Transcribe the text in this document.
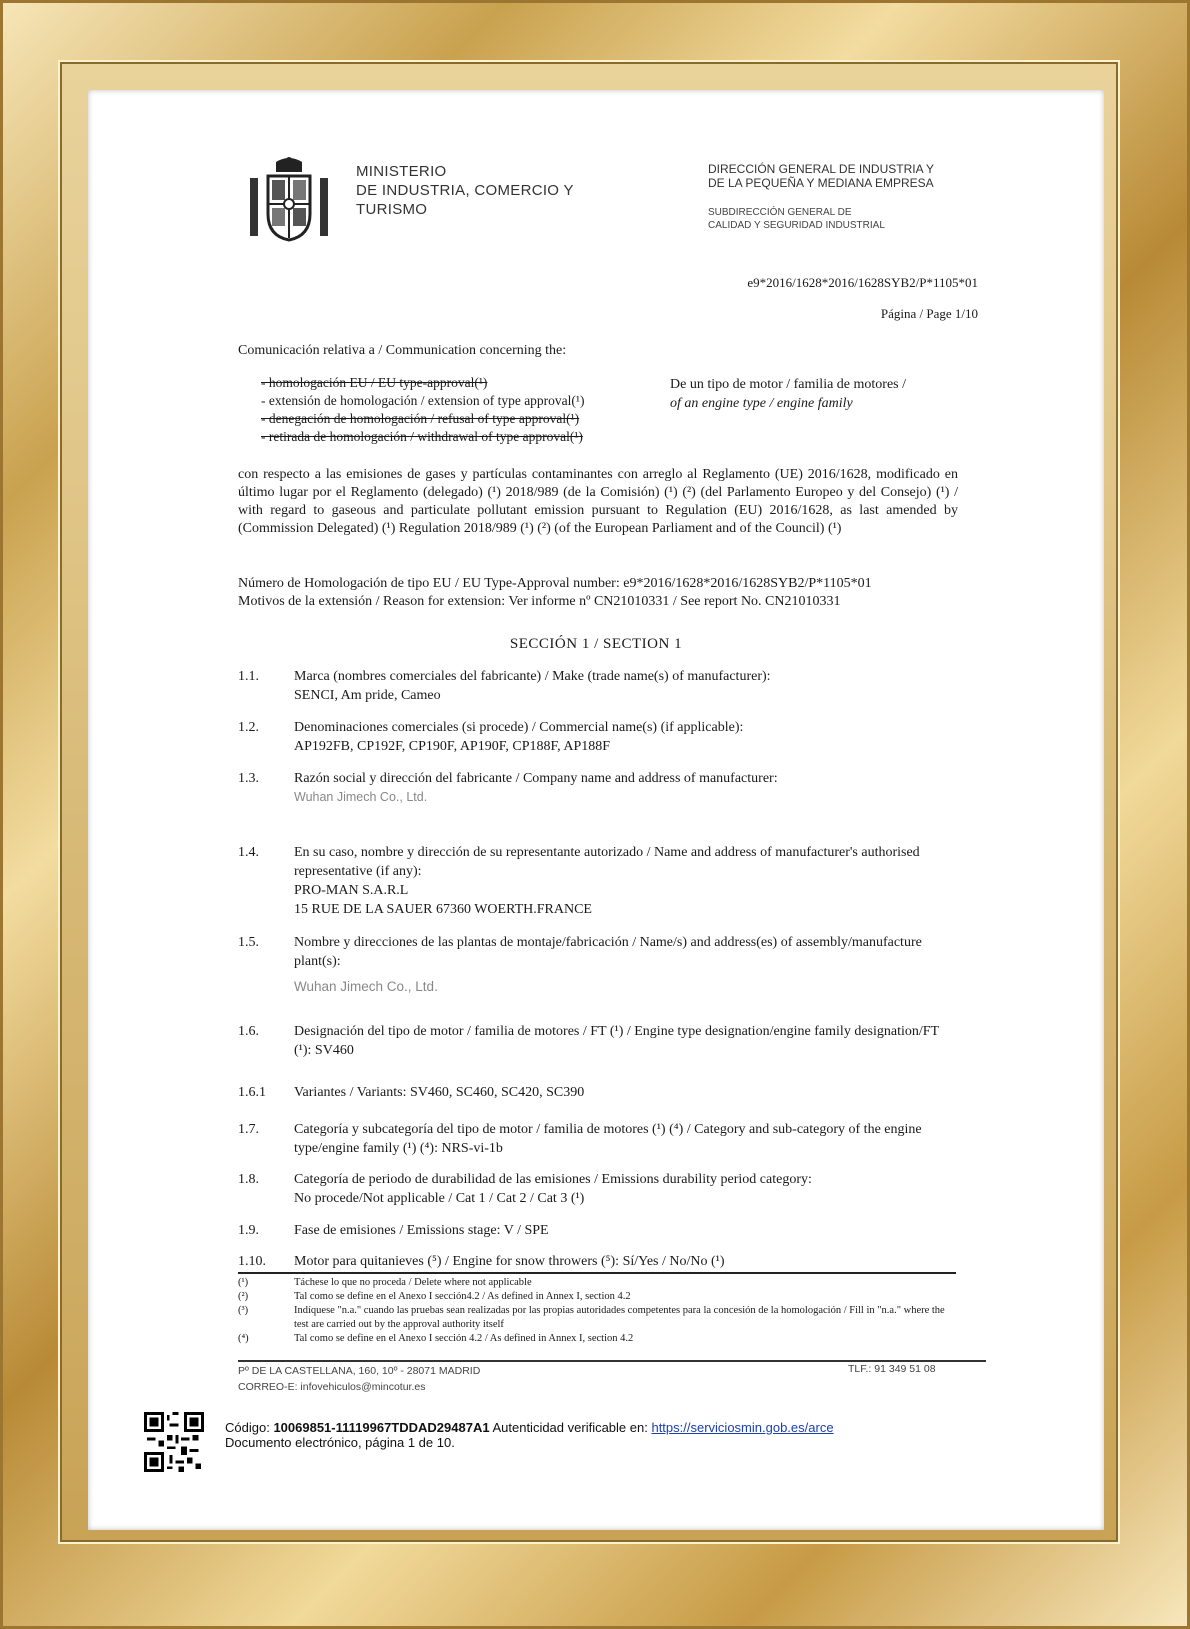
MINISTERIO
DE INDUSTRIA, COMERCIO Y
TURISMO
DIRECCIÓN GENERAL DE INDUSTRIA Y
DE LA PEQUEÑA Y MEDIANA EMPRESA
SUBDIRECCIÓN GENERAL DE
CALIDAD Y SEGURIDAD INDUSTRIAL
e9*2016/1628*2016/1628SYB2/P*1105*01
Página / Page 1/10
Comunicación relativa a / Communication concerning the:
- homologación EU / EU type-approval(¹)
- extensión de homologación / extension of type approval(¹)
- denegación de homologación / refusal of type approval(¹)
- retirada de homologación / withdrawal of type approval(¹)
De un tipo de motor / familia de motores /
of an engine type / engine family
con respecto a las emisiones de gases y partículas contaminantes con arreglo al Reglamento (UE) 2016/1628, modificado en último lugar por el Reglamento (delegado) (¹) 2018/989 (de la Comisión) (¹) (²) (del Parlamento Europeo y del Consejo) (¹) / with regard to gaseous and particulate pollutant emission pursuant to Regulation (EU) 2016/1628, as last amended by (Commission Delegated) (¹) Regulation 2018/989 (¹) (²) (of the European Parliament and of the Council) (¹)
Número de Homologación de tipo EU / EU Type-Approval number: e9*2016/1628*2016/1628SYB2/P*1105*01
Motivos de la extensión / Reason for extension: Ver informe nº CN21010331 / See report No. CN21010331
SECCIÓN 1 / SECTION 1
1.1.	Marca (nombres comerciales del fabricante) / Make (trade name(s) of manufacturer):
SENCI, Am pride, Cameo
1.2.	Denominaciones comerciales (si procede) / Commercial name(s) (if applicable):
AP192FB, CP192F, CP190F, AP190F, CP188F, AP188F
1.3.	Razón social y dirección del fabricante / Company name and address of manufacturer:
Wuhan Jimech Co., Ltd.
1.4.	En su caso, nombre y dirección de su representante autorizado / Name and address of manufacturer's authorised representative (if any):
PRO-MAN S.A.R.L
15 RUE DE LA SAUER 67360 WOERTH.FRANCE
1.5.	Nombre y direcciones de las plantas de montaje/fabricación / Name/s) and address(es) of assembly/manufacture plant(s):
Wuhan Jimech Co., Ltd.
1.6.	Designación del tipo de motor / familia de motores / FT (¹) / Engine type designation/engine family designation/FT (¹): SV460
1.6.1	Variantes / Variants: SV460, SC460, SC420, SC390
1.7.	Categoría y subcategoría del tipo de motor / familia de motores (¹) (⁴) / Category and sub-category of the engine type/engine family (¹) (⁴): NRS-vi-1b
1.8.	Categoría de periodo de durabilidad de las emisiones / Emissions durability period category:
No procede/Not applicable / Cat 1 / Cat 2 / Cat 3 (¹)
1.9.	Fase de emisiones / Emissions stage: V / SPE
1.10.	Motor para quitanieves (⁵) / Engine for snow throwers (⁵): Sí/Yes / No/No (¹)
(¹)	Táchese lo que no proceda / Delete where not applicable
(²)	Tal como se define en el Anexo I sección4.2 / As defined in Annex I, section 4.2
(³)	Indíquese "n.a." cuando las pruebas sean realizadas por las propias autoridades competentes para la concesión de la homologación / Fill in "n.a." where the test are carried out by the approval authority itself
(⁴)	Tal como se define en el Anexo I sección 4.2 / As defined in Annex I, section 4.2
Pº DE LA CASTELLANA, 160, 10º - 28071 MADRID
CORREO-E: infovehiculos@mincotur.es
TLF.: 91 349 51 08
Código: 10069851-11119967TDDAD29487A1 Autenticidad verificable en: https://serviciosmin.gob.es/arce
Documento electrónico, página 1 de 10.
